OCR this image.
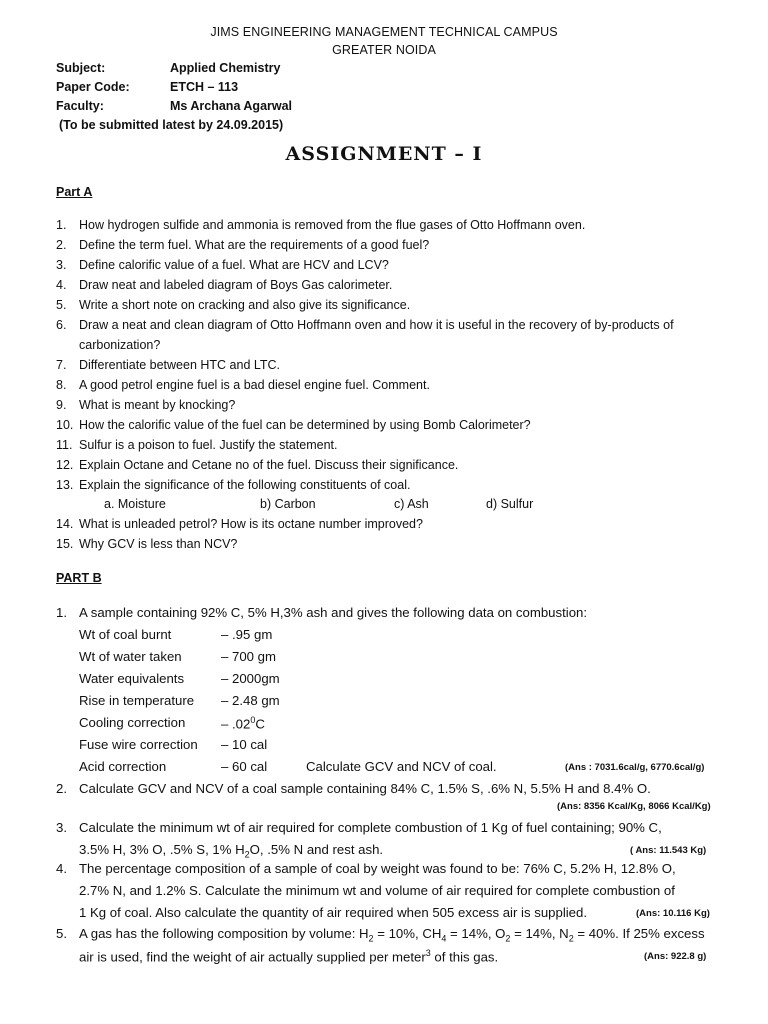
JIMS ENGINEERING MANAGEMENT TECHNICAL CAMPUS
GREATER NOIDA
Subject:	Applied Chemistry
Paper Code:	ETCH – 113
Faculty:	Ms Archana Agarwal
(To be submitted latest by 24.09.2015)
ASSIGNMENT – I
Part A
1. How hydrogen sulfide and ammonia is removed from the flue gases of Otto Hoffmann oven.
2. Define the term fuel. What are the requirements of a good fuel?
3. Define calorific value of a fuel. What are HCV and LCV?
4. Draw neat and labeled diagram of Boys Gas calorimeter.
5. Write a short note on cracking and also give its significance.
6. Draw a neat and clean diagram of Otto Hoffmann oven and how it is useful in the recovery of by-products of
carbonization?
7. Differentiate between HTC and LTC.
8. A good petrol engine fuel is a bad diesel engine fuel. Comment.
9. What is meant by knocking?
10. How the calorific value of the fuel can be determined by using Bomb Calorimeter?
11. Sulfur is a poison to fuel. Justify the statement.
12. Explain Octane and Cetane no of the fuel. Discuss their significance.
13. Explain the significance of the following constituents of coal.
a. Moisture	b) Carbon	c) Ash	d) Sulfur
14. What is unleaded petrol? How is its octane number improved?
15. Why GCV is less than NCV?
PART B
1. A sample containing 92% C, 5% H,3% ash and gives the following data on combustion:
Wt of coal burnt	– .95 gm
Wt of water taken	– 700 gm
Water equivalents	– 2000gm
Rise in temperature – 2.48 gm
Cooling correction	– $.02^0C$
Fuse wire correction – 10 cal
Acid correction	– 60 cal	Calculate GCV and NCV of coal.	(Ans : 7031.6cal/g, 6770.6cal/g)
2. Calculate GCV and NCV of a coal sample containing 84% C, 1.5% S, .6% N, 5.5% H and 8.4% O.
(Ans: 8356 Kcal/Kg, 8066 Kcal/Kg)
3. Calculate the minimum wt of air required for complete combustion of 1 Kg of fuel containing; 90% C,
3.5% H, 3% O, .5% S, 1% $H_2O$, .5% N and rest ash.	( Ans: 11.543 Kg)
4. The percentage composition of a sample of coal by weight was found to be: 76% C, 5.2% H, 12.8% O,
2.7% N, and 1.2% S. Calculate the minimum wt and volume of air required for complete combustion of
1 Kg of coal. Also calculate the quantity of air required when 505 excess air is supplied.	(Ans: 10.116 Kg)
5. A gas has the following composition by volume: $H_2 = 10\%$, $CH_4 = 14\%$, $O_2 = 14\%$, $N_2 = 40\%$. If 25% excess
air is used, find the weight of air actually supplied per meter$^3$ of this gas.	(Ans: 922.8 g)
